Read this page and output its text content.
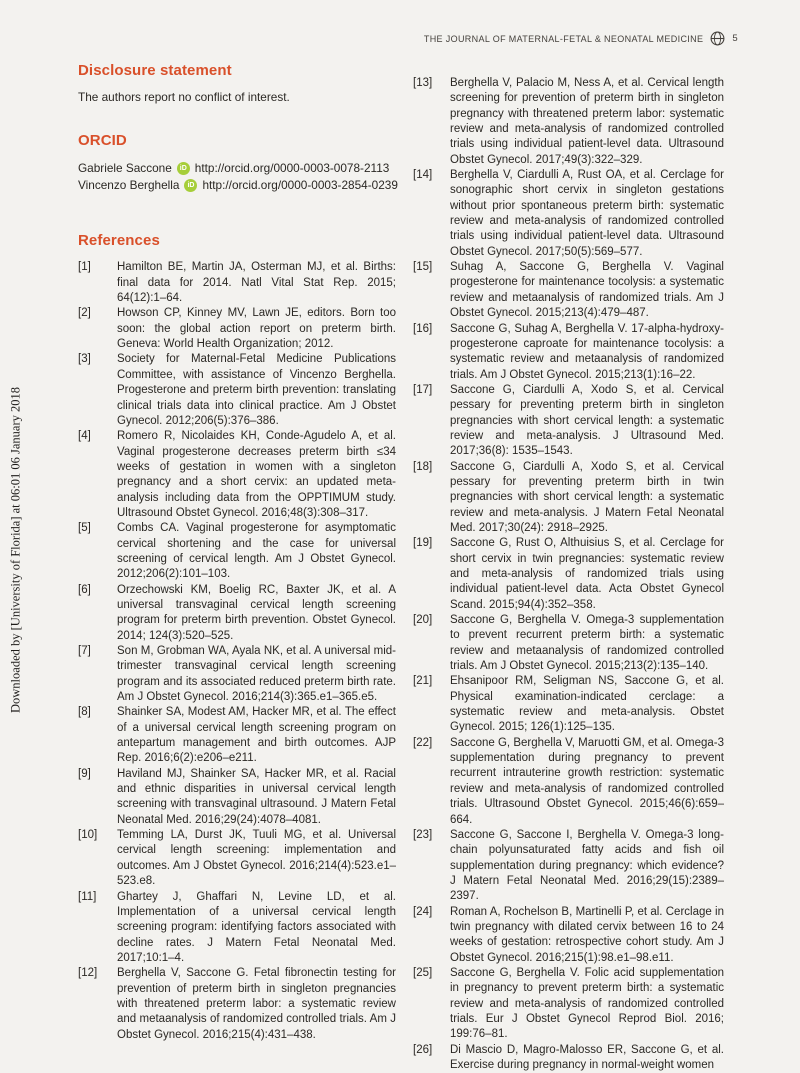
THE JOURNAL OF MATERNAL-FETAL & NEONATAL MEDICINE	5
Downloaded by [University of Florida] at 06:01 06 January 2018
Disclosure statement

The authors report no conflict of interest.

ORCID
Gabriele Saccone	iD http://orcid.org/0000-0003-0078-2113
Vincenzo Berghella	iD http://orcid.org/0000-0003-2854-0239
References
[1]	Hamilton BE, Martin JA, Osterman MJ, et al. Births: final data for 2014. Natl Vital Stat Rep. 2015; 64(12):1–64.
[2]	Howson CP, Kinney MV, Lawn JE, editors. Born too soon: the global action report on preterm birth. Geneva: World Health Organization; 2012.
[3]	Society for Maternal-Fetal Medicine Publications Committee, with assistance of Vincenzo Berghella. Progesterone and preterm birth prevention: translating clinical trials data into clinical practice. Am J Obstet Gynecol. 2012;206(5):376–386.
[4]	Romero R, Nicolaides KH, Conde-Agudelo A, et al. Vaginal progesterone decreases preterm birth ≤34 weeks of gestation in women with a singleton pregnancy and a short cervix: an updated meta-analysis including data from the OPPTIMUM study. Ultrasound Obstet Gynecol. 2016;48(3):308–317.
[5]	Combs CA. Vaginal progesterone for asymptomatic cervical shortening and the case for universal screening of cervical length. Am J Obstet Gynecol. 2012;206(2):101–103.
[6]	Orzechowski KM, Boelig RC, Baxter JK, et al. A universal transvaginal cervical length screening program for preterm birth prevention. Obstet Gynecol. 2014; 124(3):520–525.
[7]	Son M, Grobman WA, Ayala NK, et al. A universal mid-trimester transvaginal cervical length screening program and its associated reduced preterm birth rate. Am J Obstet Gynecol. 2016;214(3):365.e1–365.e5.
[8]	Shainker SA, Modest AM, Hacker MR, et al. The effect of a universal cervical length screening program on antepartum management and birth outcomes. AJP Rep. 2016;6(2):e206–e211.
[9]	Haviland MJ, Shainker SA, Hacker MR, et al. Racial and ethnic disparities in universal cervical length screening with transvaginal ultrasound. J Matern Fetal Neonatal Med. 2016;29(24):4078–4081.
[10]	Temming LA, Durst JK, Tuuli MG, et al. Universal cervical length screening: implementation and outcomes. Am J Obstet Gynecol. 2016;214(4):523.e1–523.e8.
[11]	Ghartey J, Ghaffari N, Levine LD, et al. Implementation of a universal cervical length screening program: identifying factors associated with decline rates. J Matern Fetal Neonatal Med. 2017;10:1–4.
[12]	Berghella V, Saccone G. Fetal fibronectin testing for prevention of preterm birth in singleton pregnancies with threatened preterm labor: a systematic review and metaanalysis of randomized controlled trials. Am J Obstet Gynecol. 2016;215(4):431–438.
[13]	Berghella V, Palacio M, Ness A, et al. Cervical length screening for prevention of preterm birth in singleton pregnancy with threatened preterm labor: systematic review and meta-analysis of randomized controlled trials using individual patient-level data. Ultrasound Obstet Gynecol. 2017;49(3):322–329.
[14]	Berghella V, Ciardulli A, Rust OA, et al. Cerclage for sonographic short cervix in singleton gestations without prior spontaneous preterm birth: systematic review and meta-analysis of randomized controlled trials using individual patient-level data. Ultrasound Obstet Gynecol. 2017;50(5):569–577.
[15]	Suhag A, Saccone G, Berghella V. Vaginal progesterone for maintenance tocolysis: a systematic review and metaanalysis of randomized trials. Am J Obstet Gynecol. 2015;213(4):479–487.
[16]	Saccone G, Suhag A, Berghella V. 17-alpha-hydroxy-progesterone caproate for maintenance tocolysis: a systematic review and metaanalysis of randomized trials. Am J Obstet Gynecol. 2015;213(1):16–22.
[17]	Saccone G, Ciardulli A, Xodo S, et al. Cervical pessary for preventing preterm birth in singleton pregnancies with short cervical length: a systematic review and meta-analysis. J Ultrasound Med. 2017;36(8): 1535–1543.
[18]	Saccone G, Ciardulli A, Xodo S, et al. Cervical pessary for preventing preterm birth in twin pregnancies with short cervical length: a systematic review and meta-analysis. J Matern Fetal Neonatal Med. 2017;30(24): 2918–2925.
[19]	Saccone G, Rust O, Althuisius S, et al. Cerclage for short cervix in twin pregnancies: systematic review and meta-analysis of randomized trials using individual patient-level data. Acta Obstet Gynecol Scand. 2015;94(4):352–358.
[20]	Saccone G, Berghella V. Omega-3 supplementation to prevent recurrent preterm birth: a systematic review and metaanalysis of randomized controlled trials. Am J Obstet Gynecol. 2015;213(2):135–140.
[21]	Ehsanipoor RM, Seligman NS, Saccone G, et al. Physical examination-indicated cerclage: a systematic review and meta-analysis. Obstet Gynecol. 2015; 126(1):125–135.
[22]	Saccone G, Berghella V, Maruotti GM, et al. Omega-3 supplementation during pregnancy to prevent recurrent intrauterine growth restriction: systematic review and meta-analysis of randomized controlled trials. Ultrasound Obstet Gynecol. 2015;46(6):659–664.
[23]	Saccone G, Saccone I, Berghella V. Omega-3 long-chain polyunsaturated fatty acids and fish oil supplementation during pregnancy: which evidence? J Matern Fetal Neonatal Med. 2016;29(15):2389–2397.
[24]	Roman A, Rochelson B, Martinelli P, et al. Cerclage in twin pregnancy with dilated cervix between 16 to 24 weeks of gestation: retrospective cohort study. Am J Obstet Gynecol. 2016;215(1):98.e1–98.e11.
[25]	Saccone G, Berghella V. Folic acid supplementation in pregnancy to prevent preterm birth: a systematic review and meta-analysis of randomized controlled trials. Eur J Obstet Gynecol Reprod Biol. 2016; 199:76–81.
[26]	Di Mascio D, Magro-Malosso ER, Saccone G, et al. Exercise during pregnancy in normal-weight women
